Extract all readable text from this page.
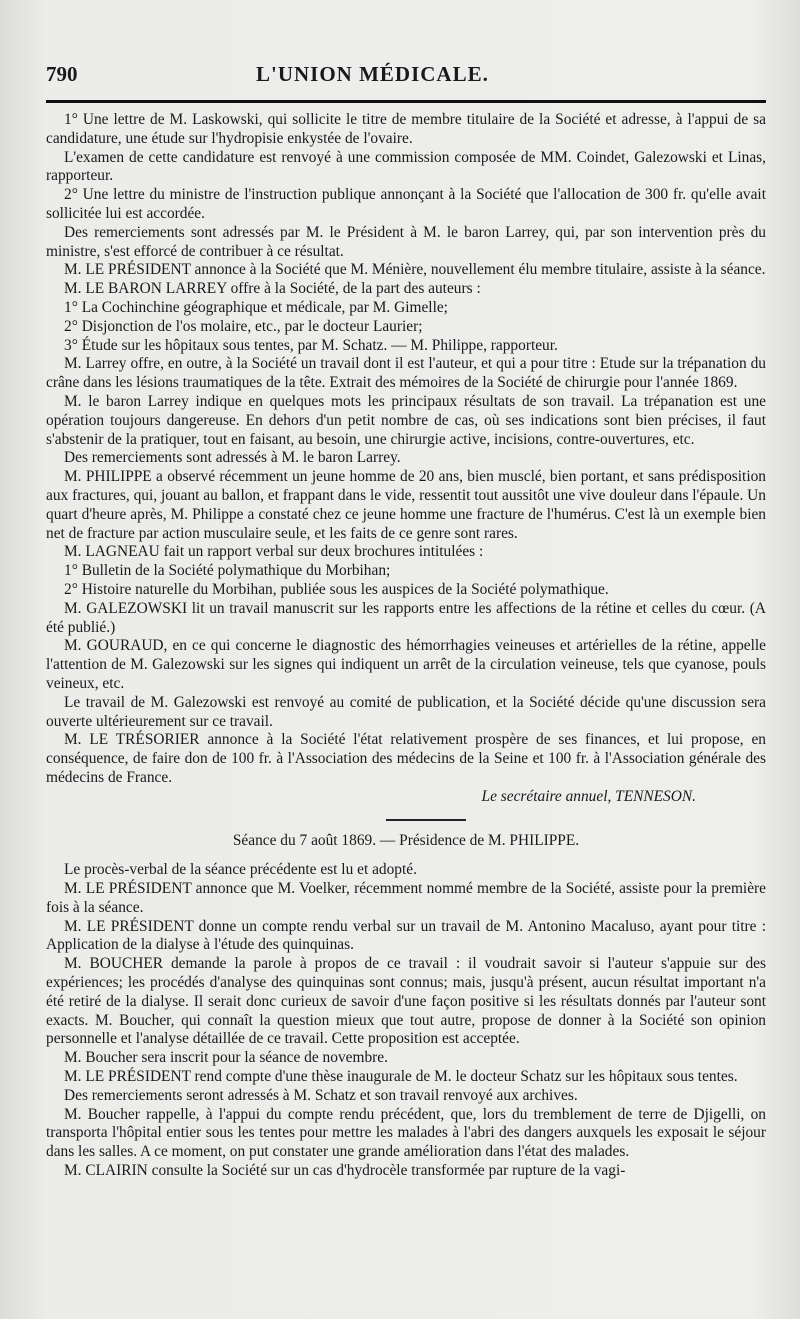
790	L'UNION MÉDICALE.

1° Une lettre de M. Laskowski, qui sollicite le titre de membre titulaire de la Société et adresse, à l'appui de sa candidature, une étude sur l'hydropisie enkystée de l'ovaire.

L'examen de cette candidature est renvoyé à une commission composée de MM. Coindet, Galezowski et Linas, rapporteur.

2° Une lettre du ministre de l'instruction publique annonçant à la Société que l'allocation de 300 fr. qu'elle avait sollicitée lui est accordée.

Des remerciements sont adressés par M. le Président à M. le baron Larrey, qui, par son intervention près du ministre, s'est efforcé de contribuer à ce résultat.

M. LE PRÉSIDENT annonce à la Société que M. Ménière, nouvellement élu membre titulaire, assiste à la séance.

M. LE BARON LARREY offre à la Société, de la part des auteurs :

1° La Cochinchine géographique et médicale, par M. Gimelle;

2° Disjonction de l'os molaire, etc., par le docteur Laurier;

3° Étude sur les hôpitaux sous tentes, par M. Schatz. — M. Philippe, rapporteur.

M. Larrey offre, en outre, à la Société un travail dont il est l'auteur, et qui a pour titre : Etude sur la trépanation du crâne dans les lésions traumatiques de la tête. Extrait des mémoires de la Société de chirurgie pour l'année 1869.

M. le baron Larrey indique en quelques mots les principaux résultats de son travail. La trépanation est une opération toujours dangereuse. En dehors d'un petit nombre de cas, où ses indications sont bien précises, il faut s'abstenir de la pratiquer, tout en faisant, au besoin, une chirurgie active, incisions, contre-ouvertures, etc.

Des remerciements sont adressés à M. le baron Larrey.

M. PHILIPPE a observé récemment un jeune homme de 20 ans, bien musclé, bien portant, et sans prédisposition aux fractures, qui, jouant au ballon, et frappant dans le vide, ressentit tout aussitôt une vive douleur dans l'épaule. Un quart d'heure après, M. Philippe a constaté chez ce jeune homme une fracture de l'humérus. C'est là un exemple bien net de fracture par action musculaire seule, et les faits de ce genre sont rares.

M. LAGNEAU fait un rapport verbal sur deux brochures intitulées :

1° Bulletin de la Société polymathique du Morbihan;

2° Histoire naturelle du Morbihan, publiée sous les auspices de la Société polymathique.

M. GALEZOWSKI lit un travail manuscrit sur les rapports entre les affections de la rétine et celles du cœur. (A été publié.)

M. GOURAUD, en ce qui concerne le diagnostic des hémorrhagies veineuses et artérielles de la rétine, appelle l'attention de M. Galezowski sur les signes qui indiquent un arrêt de la circulation veineuse, tels que cyanose, pouls veineux, etc.

Le travail de M. Galezowski est renvoyé au comité de publication, et la Société décide qu'une discussion sera ouverte ultérieurement sur ce travail.

M. LE TRÉSORIER annonce à la Société l'état relativement prospère de ses finances, et lui propose, en conséquence, de faire don de 100 fr. à l'Association des médecins de la Seine et 100 fr. à l'Association générale des médecins de France.

Le secrétaire annuel, TENNESON.
Séance du 7 août 1869. — Présidence de M. PHILIPPE.

Le procès-verbal de la séance précédente est lu et adopté.

M. LE PRÉSIDENT annonce que M. Voelker, récemment nommé membre de la Société, assiste pour la première fois à la séance.

M. LE PRÉSIDENT donne un compte rendu verbal sur un travail de M. Antonino Macaluso, ayant pour titre : Application de la dialyse à l'étude des quinquinas.

M. BOUCHER demande la parole à propos de ce travail : il voudrait savoir si l'auteur s'appuie sur des expériences; les procédés d'analyse des quinquinas sont connus; mais, jusqu'à présent, aucun résultat important n'a été retiré de la dialyse. Il serait donc curieux de savoir d'une façon positive si les résultats donnés par l'auteur sont exacts. M. Boucher, qui connaît la question mieux que tout autre, propose de donner à la Société son opinion personnelle et l'analyse détaillée de ce travail. Cette proposition est acceptée.

M. Boucher sera inscrit pour la séance de novembre.

M. LE PRÉSIDENT rend compte d'une thèse inaugurale de M. le docteur Schatz sur les hôpitaux sous tentes.

Des remerciements seront adressés à M. Schatz et son travail renvoyé aux archives.

M. Boucher rappelle, à l'appui du compte rendu précédent, que, lors du tremblement de terre de Djigelli, on transporta l'hôpital entier sous les tentes pour mettre les malades à l'abri des dangers auxquels les exposait le séjour dans les salles. A ce moment, on put constater une grande amélioration dans l'état des malades.

M. CLAIRIN consulte la Société sur un cas d'hydrocèle transformée par rupture de la vagi-
